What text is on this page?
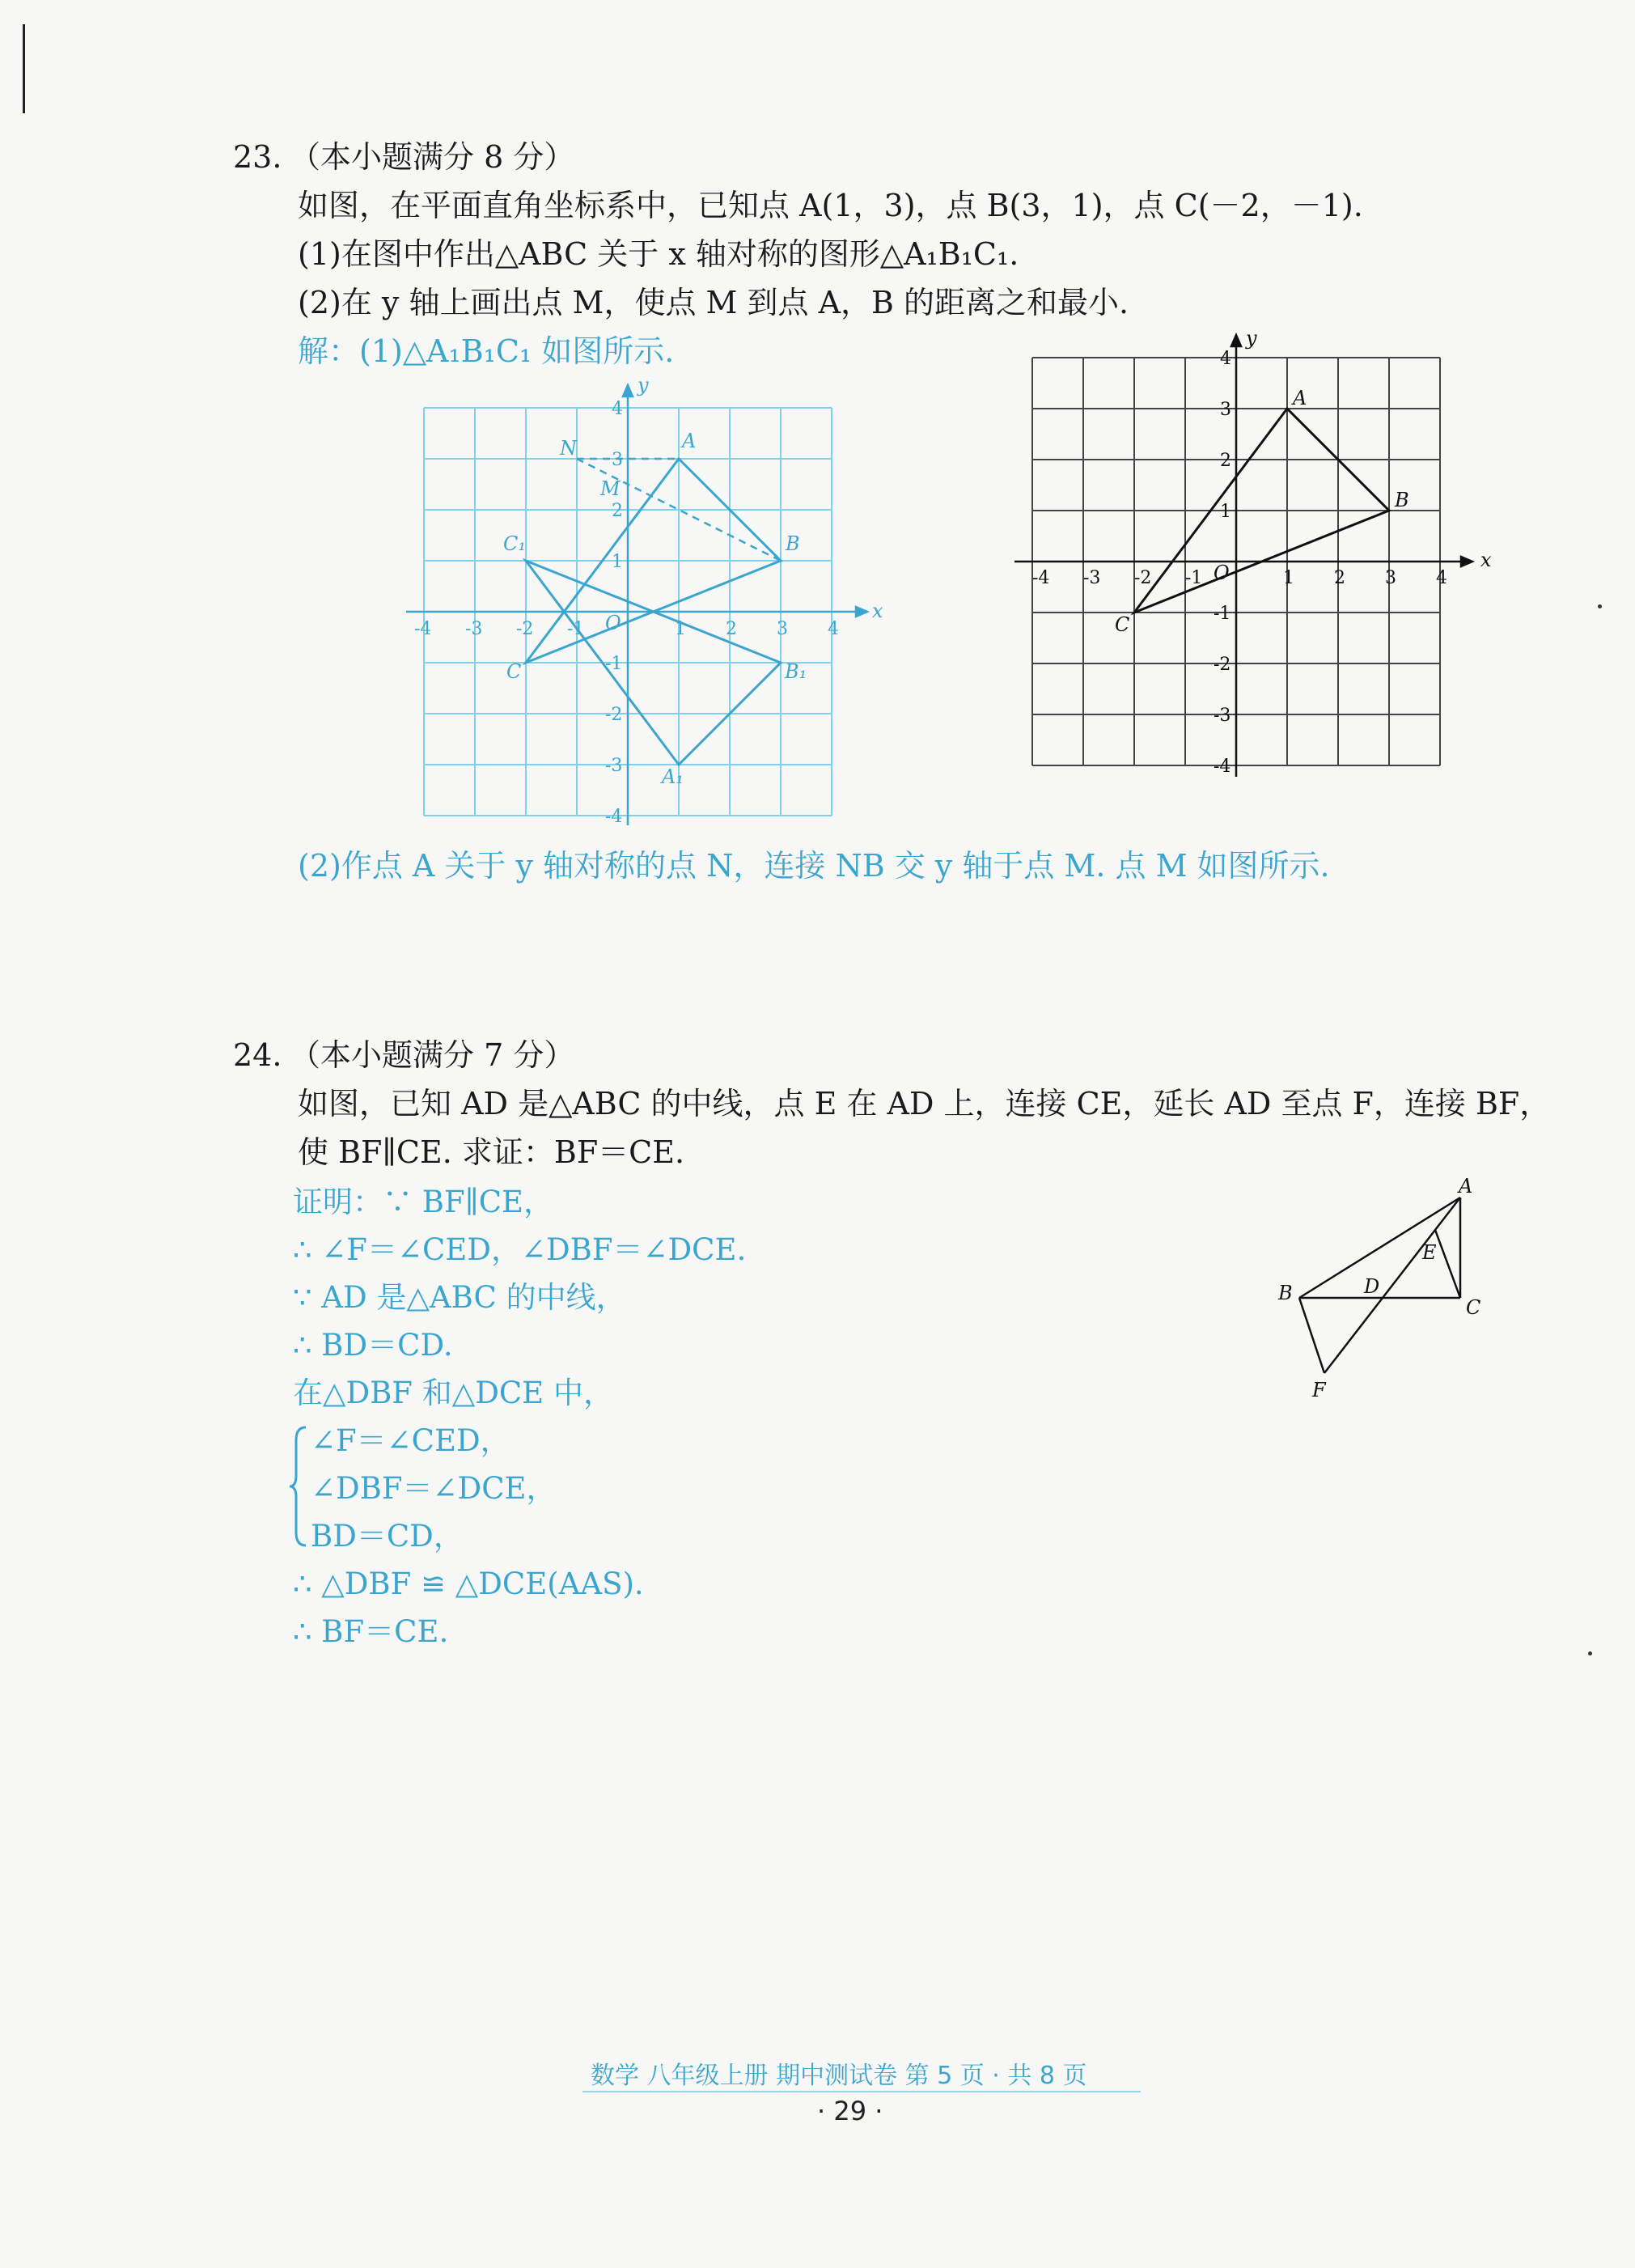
23. （本小题满分 8 分）
如图，在平面直角坐标系中，已知点 A(1，3)，点 B(3，1)，点 C(－2，－1).
(1)在图中作出△ABC 关于 x 轴对称的图形△A₁B₁C₁.
(2)在 y 轴上画出点 M，使点 M 到点 A，B 的距离之和最小.
解：(1)△A₁B₁C₁ 如图所示.
x
y
O
A
B
C
A₁
B₁
C₁
N
M
-4 -3 -2 -1	1 2 3 4
4
3
2
1
-1
-2
-3
-4
x
y
O
A
B
C
-4 -3 -2 -1	1 2 3 4
4
3
2
1
-1
-2
-3
-4
(2)作点 A 关于 y 轴对称的点 N，连接 NB 交 y 轴于点 M. 点 M 如图所示.
24. （本小题满分 7 分）
如图，已知 AD 是△ABC 的中线，点 E 在 AD 上，连接 CE，延长 AD 至点 F，连接 BF，
使 BF∥CE. 求证：BF＝CE.
证明：∵ BF∥CE，
∴ ∠F＝∠CED，∠DBF＝∠DCE.
∵ AD 是△ABC 的中线，
∴ BD＝CD.
在△DBF 和△DCE 中，
∠F＝∠CED，
∠DBF＝∠DCE，
BD＝CD，
∴ △DBF ≌ △DCE(AAS).
∴ BF＝CE.
A
B
C
D
E
F
数学 八年级上册 期中测试卷 第 5 页 · 共 8 页
· 29 ·
